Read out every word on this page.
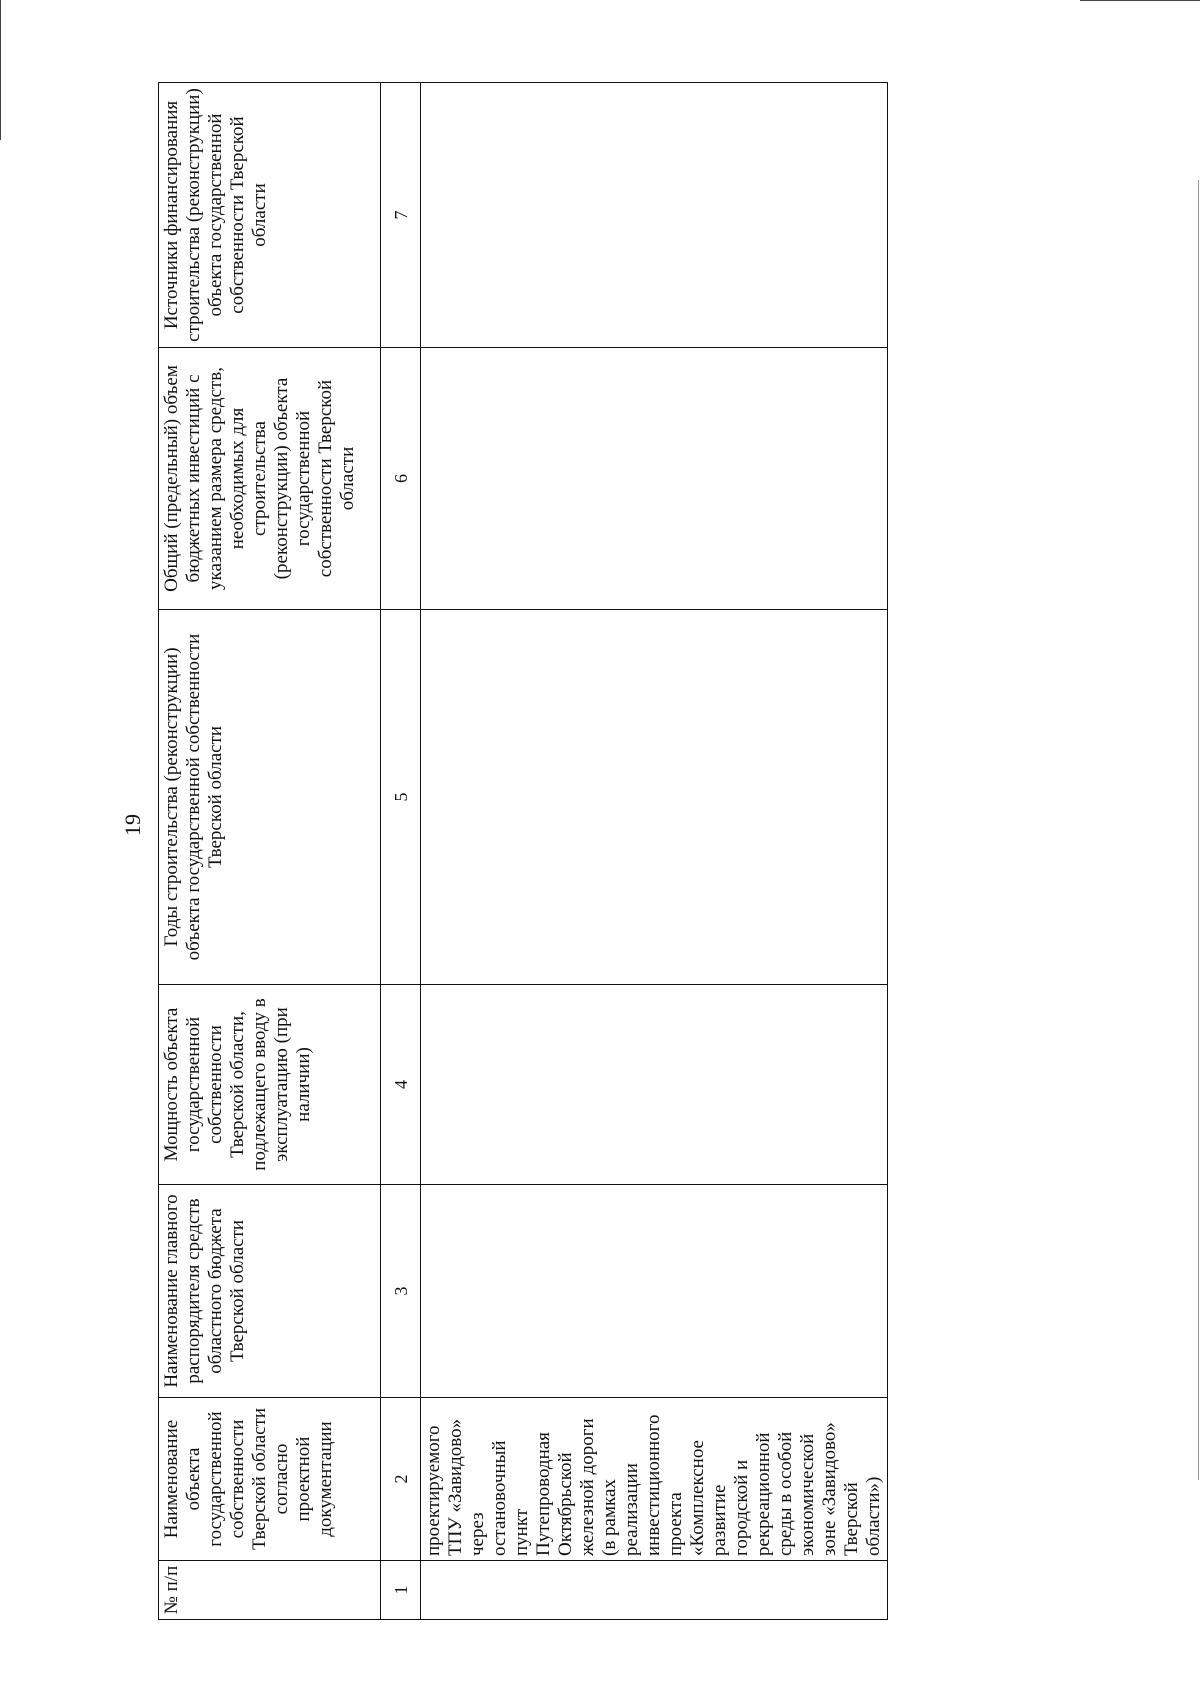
19
№ п/п	Наименование объекта государственной собственности Тверской области согласно проектной документации	Наименование главного распорядителя средств областного бюджета Тверской области	Мощность объекта государственной собственности Тверской области, подлежащего вводу в эксплуатацию (при наличии)	Годы строительства (реконструкции) объекта государственной собственности Тверской области	Общий (предельный) объем бюджетных инвестиций с указанием размера средств, необходимых для строительства (реконструкции) объекта государственной собственности Тверской области	Источники финансирования строительства (реконструкции) объекта государственной собственности Тверской области
1	2	3	4	5	6	7
	проектируемого ТПУ «Завидово» через остановочный пункт Путепроводная Октябрьской железной дороги (в рамках реализации инвестиционного проекта «Комплексное развитие городской и рекреационной среды в особой экономической зоне «Завидово» Тверской области»)					
